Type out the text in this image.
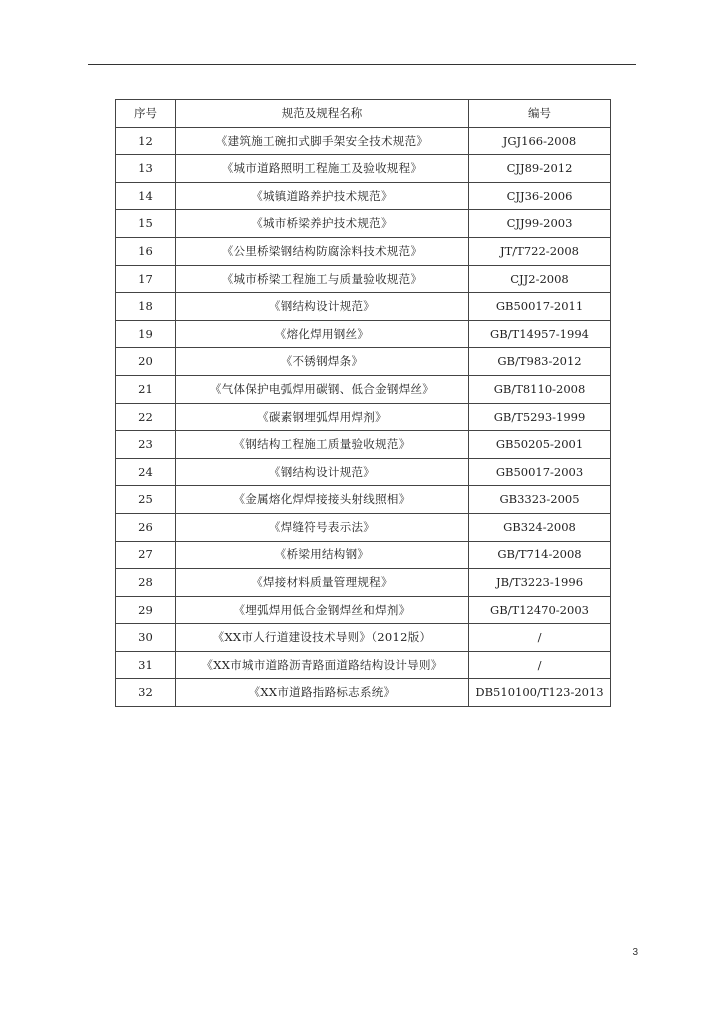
序号	规范及规程名称	编号
12	《建筑施工碗扣式脚手架安全技术规范》	JGJ166-2008
13	《城市道路照明工程施工及验收规程》	CJJ89-2012
14	《城镇道路养护技术规范》	CJJ36-2006
15	《城市桥梁养护技术规范》	CJJ99-2003
16	《公里桥梁钢结构防腐涂料技术规范》	JT/T722-2008
17	《城市桥梁工程施工与质量验收规范》	CJJ2-2008
18	《钢结构设计规范》	GB50017-2011
19	《熔化焊用钢丝》	GB/T14957-1994
20	《不锈钢焊条》	GB/T983-2012
21	《气体保护电弧焊用碳钢、低合金钢焊丝》	GB/T8110-2008
22	《碳素钢埋弧焊用焊剂》	GB/T5293-1999
23	《钢结构工程施工质量验收规范》	GB50205-2001
24	《钢结构设计规范》	GB50017-2003
25	《金属熔化焊焊接接头射线照相》	GB3323-2005
26	《焊缝符号表示法》	GB324-2008
27	《桥梁用结构钢》	GB/T714-2008
28	《焊接材料质量管理规程》	JB/T3223-1996
29	《埋弧焊用低合金钢焊丝和焊剂》	GB/T12470-2003
30	《XX市人行道建设技术导则》（2012版）	/
31	《XX市城市道路沥青路面道路结构设计导则》	/
32	《XX市道路指路标志系统》	DB510100/T123-2013
3
